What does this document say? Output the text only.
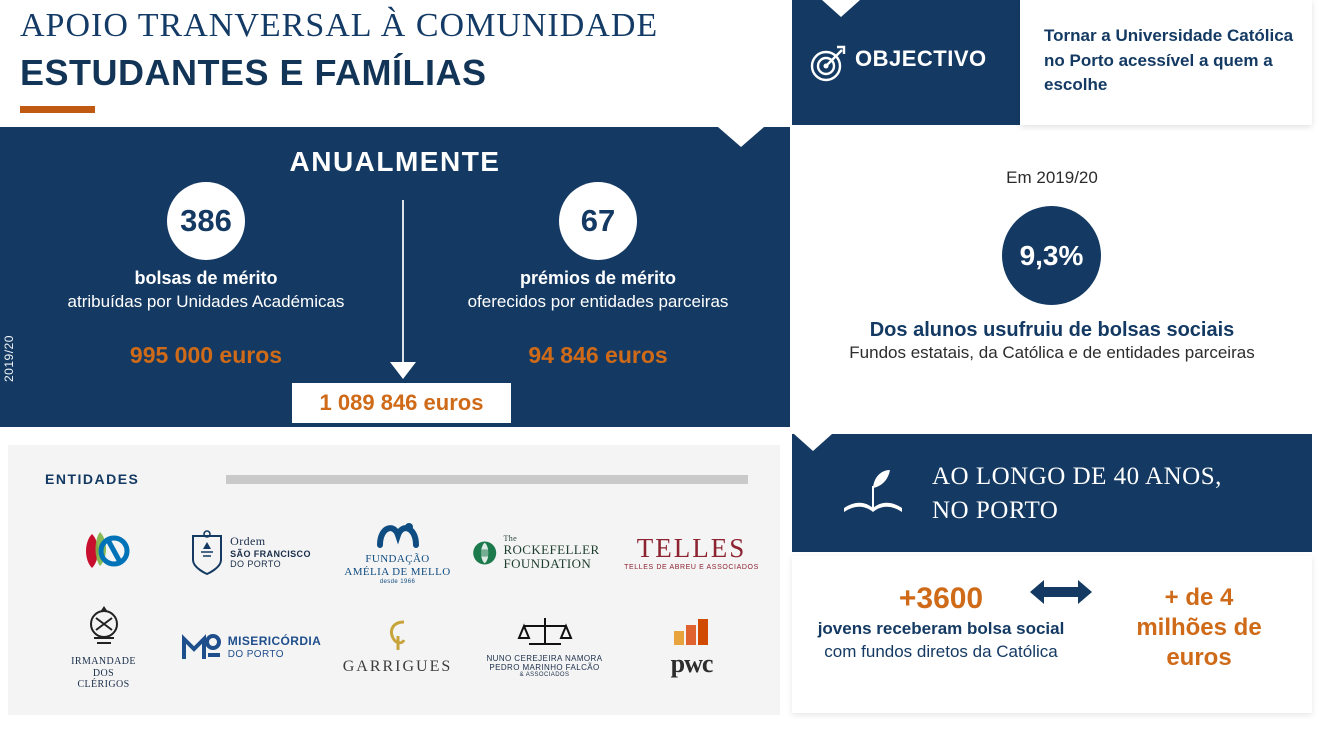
APOIO TRANVERSAL À COMUNIDADE
ESTUDANTES E FAMÍLIAS
ANUALMENTE
2019/20
386
bolsas de mérito
atribuídas por Unidades Académicas
995 000 euros
67
prémios de mérito
oferecidos por entidades parceiras
94 846 euros
1 089 846 euros
ENTIDADES
Ordem
SÃO FRANCISCO
DO PORTO	FUNDAÇÃO
AMÉLIA DE MELLO
desde 1966
The
ROCKEFELLER FOUNDATION
TELLES
TELLES DE ABREU E ASSOCIADOS
IRMANDADE
DOS
CLÉRIGOS
MISERICÓRDIA
DO PORTO
GARRIGUES	NUNO CEREJEIRA NAMORA
PEDRO MARINHO FALCÃO
& ASSOCIADOS	pwc
OBJECTIVO
Tornar a Universidade Católica no Porto acessível a quem a escolhe
Em 2019/20
9,3%
Dos alunos usufruiu de bolsas sociais
Fundos estatais, da Católica e de entidades parceiras
AO LONGO DE 40 ANOS,
NO PORTO
+3600
jovens receberam bolsa social com fundos diretos da Católica
+ de 4
milhões de
euros
